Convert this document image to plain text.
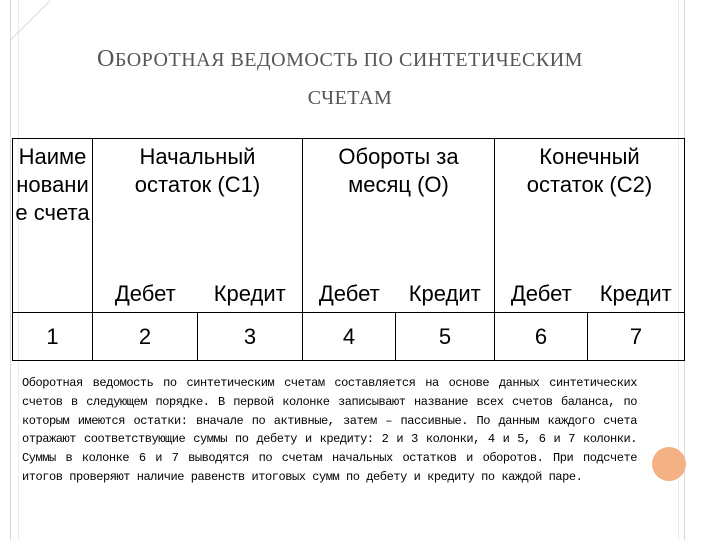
ОБОРОТНАЯ ВЕДОМОСТЬ ПО СИНТЕТИЧЕСКИМ
СЧЕТАМ
Наименование счета	Начальный остаток (С1)		Обороты за месяц (О)		Конечный остаток (С2)	

	Дебет	Кредит	Дебет	Кредит	Дебет	Кредит
1	2	3	4	5	6	7

Оборотная ведомость по синтетическим счетам составляется на основе данных синтетических счетов в следующем порядке. В первой колонке записывают название всех счетов баланса, по которым имеются остатки: вначале по активные, затем – пассивные. По данным каждого счета отражают соответствующие суммы по дебету и кредиту: 2 и 3 колонки, 4 и 5, 6 и 7 колонки. Суммы в колонке 6 и 7 выводятся по счетам начальных остатков и оборотов. При подсчете итогов проверяют наличие равенств итоговых сумм по дебету и кредиту по каждой паре.
